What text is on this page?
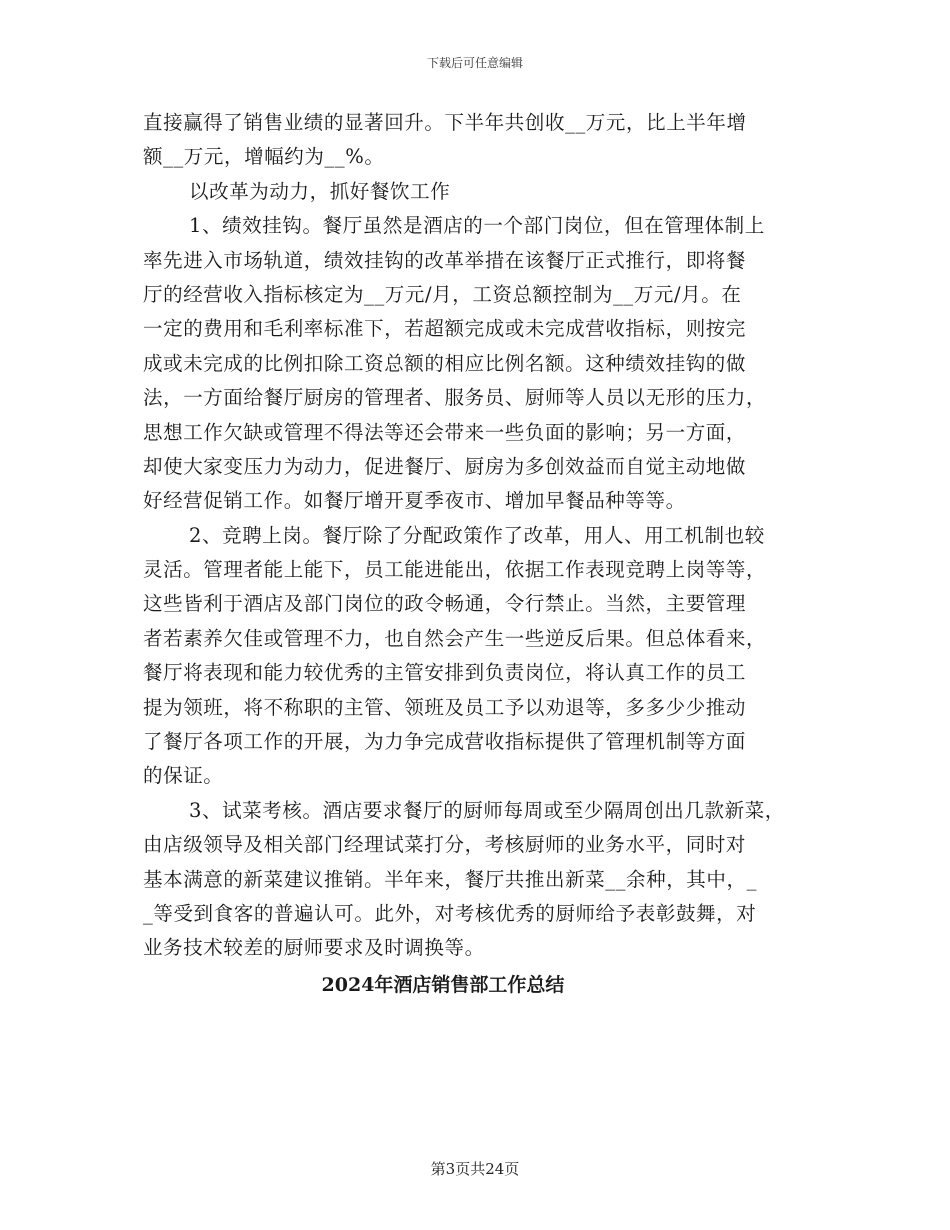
下载后可任意编辑
直接赢得了销售业绩的显著回升。下半年共创收__万元，比上半年增
额__万元，增幅约为__%。
以改革为动力，抓好餐饮工作
1、绩效挂钩。餐厅虽然是酒店的一个部门岗位，但在管理体制上
率先进入市场轨道，绩效挂钩的改革举措在该餐厅正式推行，即将餐
厅的经营收入指标核定为__万元/月，工资总额控制为__万元/月。在
一定的费用和毛利率标准下，若超额完成或未完成营收指标，则按完
成或未完成的比例扣除工资总额的相应比例名额。这种绩效挂钩的做
法，一方面给餐厅厨房的管理者、服务员、厨师等人员以无形的压力，
思想工作欠缺或管理不得法等还会带来一些负面的影响；另一方面，
却使大家变压力为动力，促进餐厅、厨房为多创效益而自觉主动地做
好经营促销工作。如餐厅增开夏季夜市、增加早餐品种等等。
2、竞聘上岗。餐厅除了分配政策作了改革，用人、用工机制也较
灵活。管理者能上能下，员工能进能出，依据工作表现竞聘上岗等等，
这些皆利于酒店及部门岗位的政令畅通，令行禁止。当然，主要管理
者若素养欠佳或管理不力，也自然会产生一些逆反后果。但总体看来，
餐厅将表现和能力较优秀的主管安排到负责岗位，将认真工作的员工
提为领班，将不称职的主管、领班及员工予以劝退等，多多少少推动
了餐厅各项工作的开展，为力争完成营收指标提供了管理机制等方面
的保证。
3、试菜考核。酒店要求餐厅的厨师每周或至少隔周创出几款新菜，
由店级领导及相关部门经理试菜打分，考核厨师的业务水平，同时对
基本满意的新菜建议推销。半年来，餐厅共推出新菜__余种，其中，_
_等受到食客的普遍认可。此外，对考核优秀的厨师给予表彰鼓舞，对
业务技术较差的厨师要求及时调换等。
2024年酒店销售部工作总结
第3页共24页
